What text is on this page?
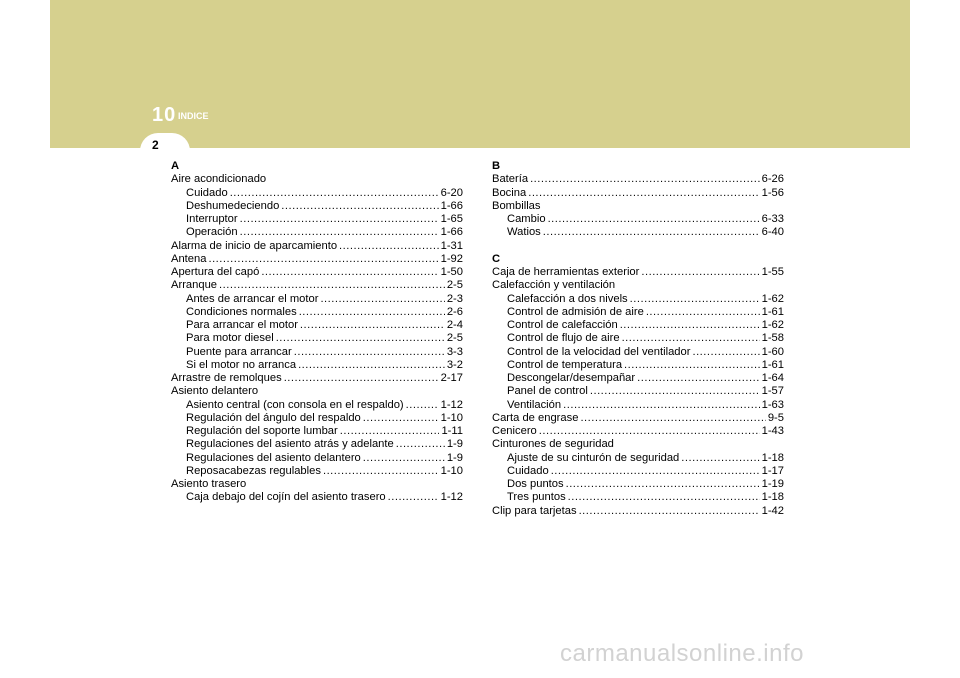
10 INDICE
2
A
Aire acondicionado
Cuidado .....	6-20
Deshumedeciendo .....	1-66
Interruptor .....	1-65
Operación .....	1-66
Alarma de inicio de aparcamiento .....	1-31
Antena .....	1-92
Apertura del capó .....	1-50
Arranque .....	2-5
Antes de arrancar el motor .....	2-3
Condiciones normales .....	2-6
Para arrancar el motor .....	2-4
Para motor diesel .....	2-5
Puente para arrancar .....	3-3
Si el motor no arranca .....	3-2
Arrastre de remolques .....	2-17
Asiento delantero
Asiento central (con consola en el respaldo) .....	1-12
Regulación del ángulo del respaldo .....	1-10
Regulación del soporte lumbar .....	1-11
Regulaciones del asiento atrás y adelante .....	1-9
Regulaciones del asiento delantero .....	1-9
Reposacabezas regulables .....	1-10
Asiento trasero
Caja debajo del cojín del asiento trasero .....	1-12
B
Batería .....	6-26
Bocina .....	1-56
Bombillas
Cambio .....	6-33
Watios .....	6-40
C
Caja de herramientas exterior .....	1-55
Calefacción y ventilación
Calefacción a dos nivels .....	1-62
Control de admisión de aire .....	1-61
Control de calefacción .....	1-62
Control de flujo de aire .....	1-58
Control de la velocidad del ventilador .....	1-60
Control de temperatura .....	1-61
Descongelar/desempañar .....	1-64
Panel de control .....	1-57
Ventilación .....	1-63
Carta de engrase .....	9-5
Cenicero .....	1-43
Cinturones de seguridad
Ajuste de su cinturón de seguridad .....	1-18
Cuidado .....	1-17
Dos puntos .....	1-19
Tres puntos .....	1-18
Clip para tarjetas .....	1-42
carmanualsonline.info
